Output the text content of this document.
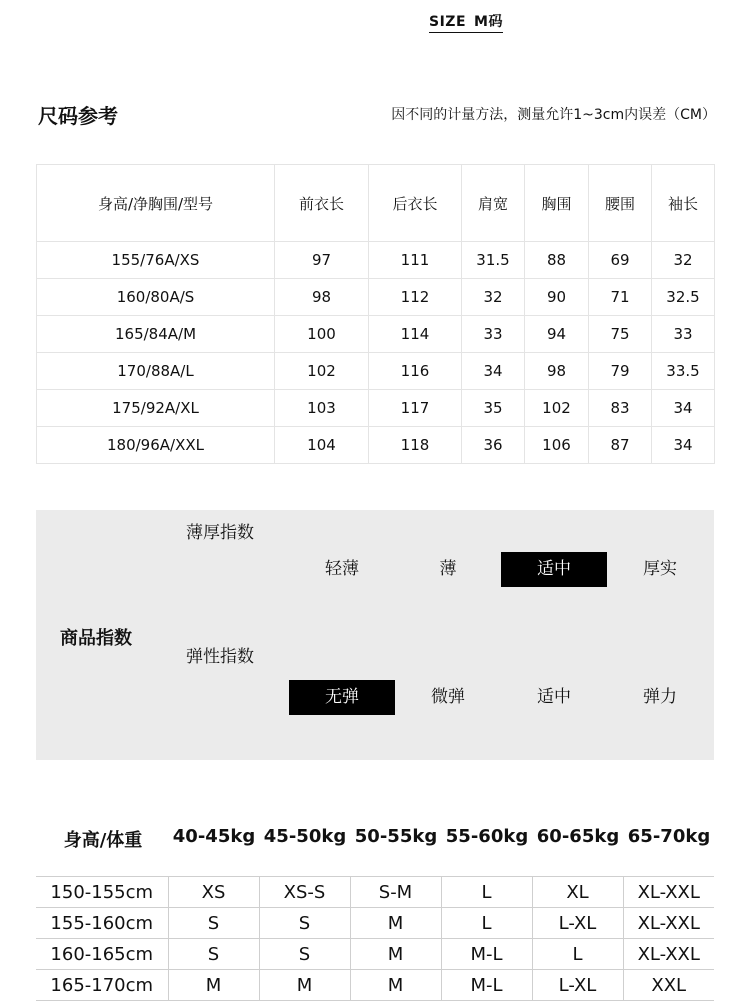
SIZE M码
尺码参考	因不同的计量方法，测量允许1~3cm内误差（CM）
身高/净胸围/型号	前衣长	后衣长	肩宽	胸围	腰围	袖长
155/76A/XS	97	111	31.5	88	69	32
160/80A/S	98	112	32	90	71	32.5
165/84A/M	100	114	33	94	75	33
170/88A/L	102	116	34	98	79	33.5
175/92A/XL	103	117	35	102	83	34
180/96A/XXL	104	118	36	106	87	34
商品指数
薄厚指数
轻薄	薄	适中	厚实
弹性指数
无弹	微弹	适中	弹力
身高/体重 40-45kg 45-50kg 50-55kg 55-60kg 60-65kg 65-70kg
150-155cm	XS	XS-S	S-M	L	XL	XL-XXL
155-160cm	S	S	M	L	L-XL	XL-XXL
160-165cm	S	S	M	M-L	L	XL-XXL
165-170cm	M	M	M	M-L	L-XL	XXL
